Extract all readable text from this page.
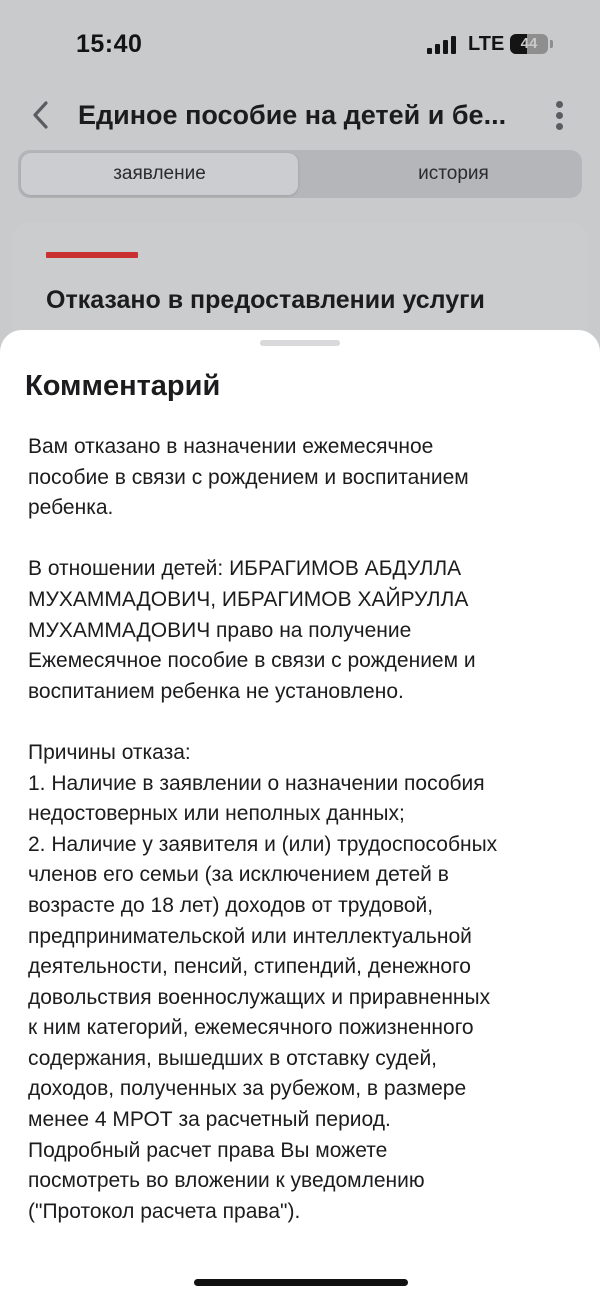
15:40	LTE	44
Единое пособие на детей и бе...
заявление	история
Отказано в предоставлении услуги
Комментарий

Вам отказано в назначении ежемесячное
пособие в связи с рождением и воспитанием
ребенка.

В отношении детей: ИБРАГИМОВ АБДУЛЛА
МУХАММАДОВИЧ, ИБРАГИМОВ ХАЙРУЛЛА
МУХАММАДОВИЧ право на получение
Ежемесячное пособие в связи с рождением и
воспитанием ребенка не установлено.

Причины отказа:
1. Наличие в заявлении о назначении пособия
недостоверных или неполных данных;
2. Наличие у заявителя и (или) трудоспособных
членов его семьи (за исключением детей в
возрасте до 18 лет) доходов от трудовой,
предпринимательской или интеллектуальной
деятельности, пенсий, стипендий, денежного
довольствия военнослужащих и приравненных
к ним категорий, ежемесячного пожизненного
содержания, вышедших в отставку судей,
доходов, полученных за рубежом, в размере
менее 4 МРОТ за расчетный период.
Подробный расчет права Вы можете
посмотреть во вложении к уведомлению
("Протокол расчета права").
